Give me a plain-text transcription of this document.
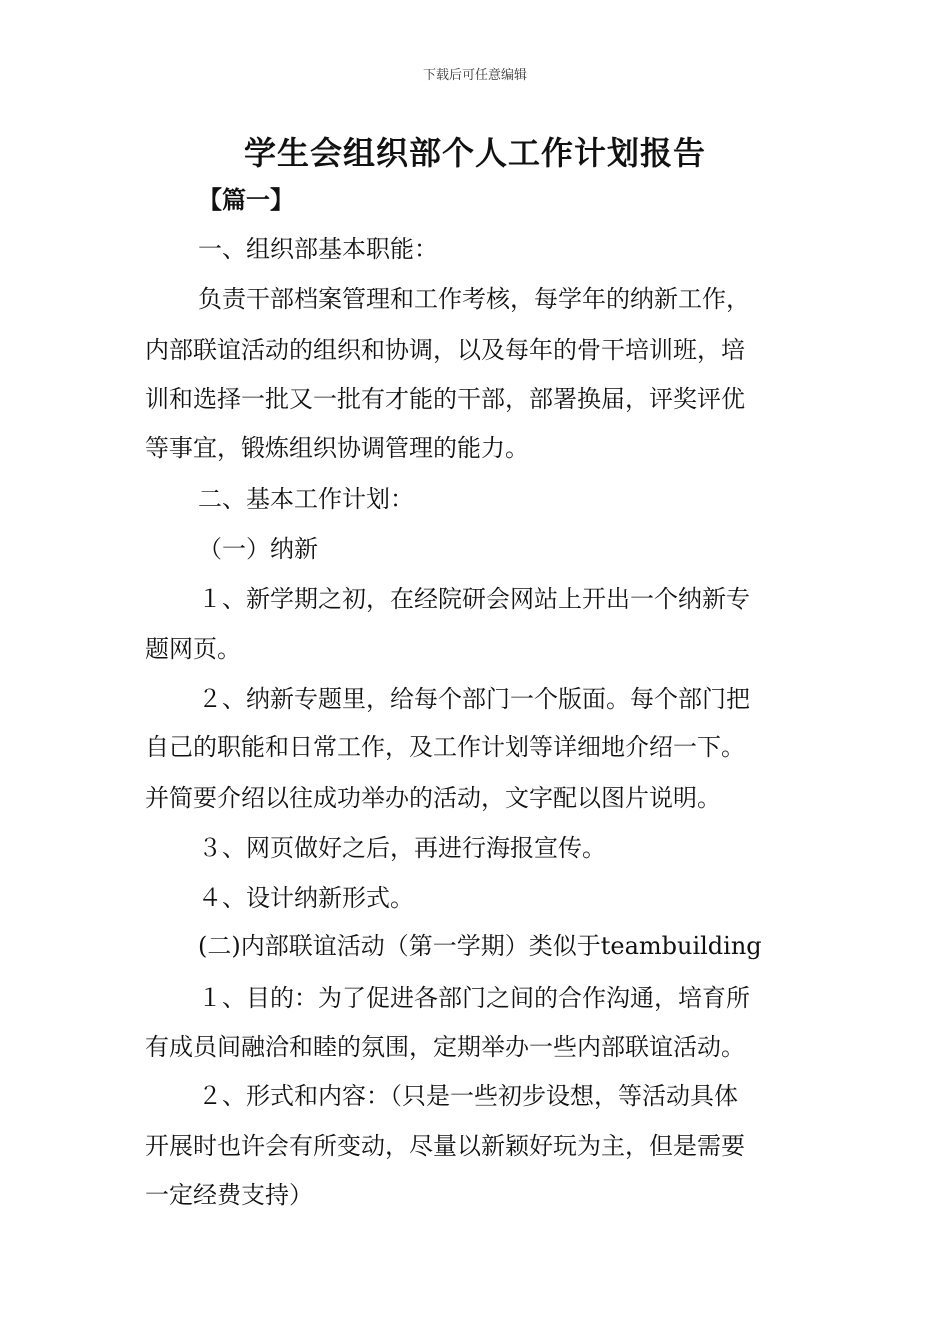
下载后可任意编辑
学生会组织部个人工作计划报告
【篇一】
一、组织部基本职能：
负责干部档案管理和工作考核，每学年的纳新工作，
内部联谊活动的组织和协调，以及每年的骨干培训班，培
训和选择一批又一批有才能的干部，部署换届，评奖评优
等事宜，锻炼组织协调管理的能力。
二、基本工作计划：
（一）纳新
１、新学期之初，在经院研会网站上开出一个纳新专
题网页。
２、纳新专题里，给每个部门一个版面。每个部门把
自己的职能和日常工作，及工作计划等详细地介绍一下。
并简要介绍以往成功举办的活动，文字配以图片说明。
３、网页做好之后，再进行海报宣传。
４、设计纳新形式。
(二)内部联谊活动（第一学期）类似于teambuilding
１、目的：为了促进各部门之间的合作沟通，培育所
有成员间融洽和睦的氛围，定期举办一些内部联谊活动。
２、形式和内容：（只是一些初步设想，等活动具体
开展时也许会有所变动，尽量以新颖好玩为主，但是需要
一定经费支持）
